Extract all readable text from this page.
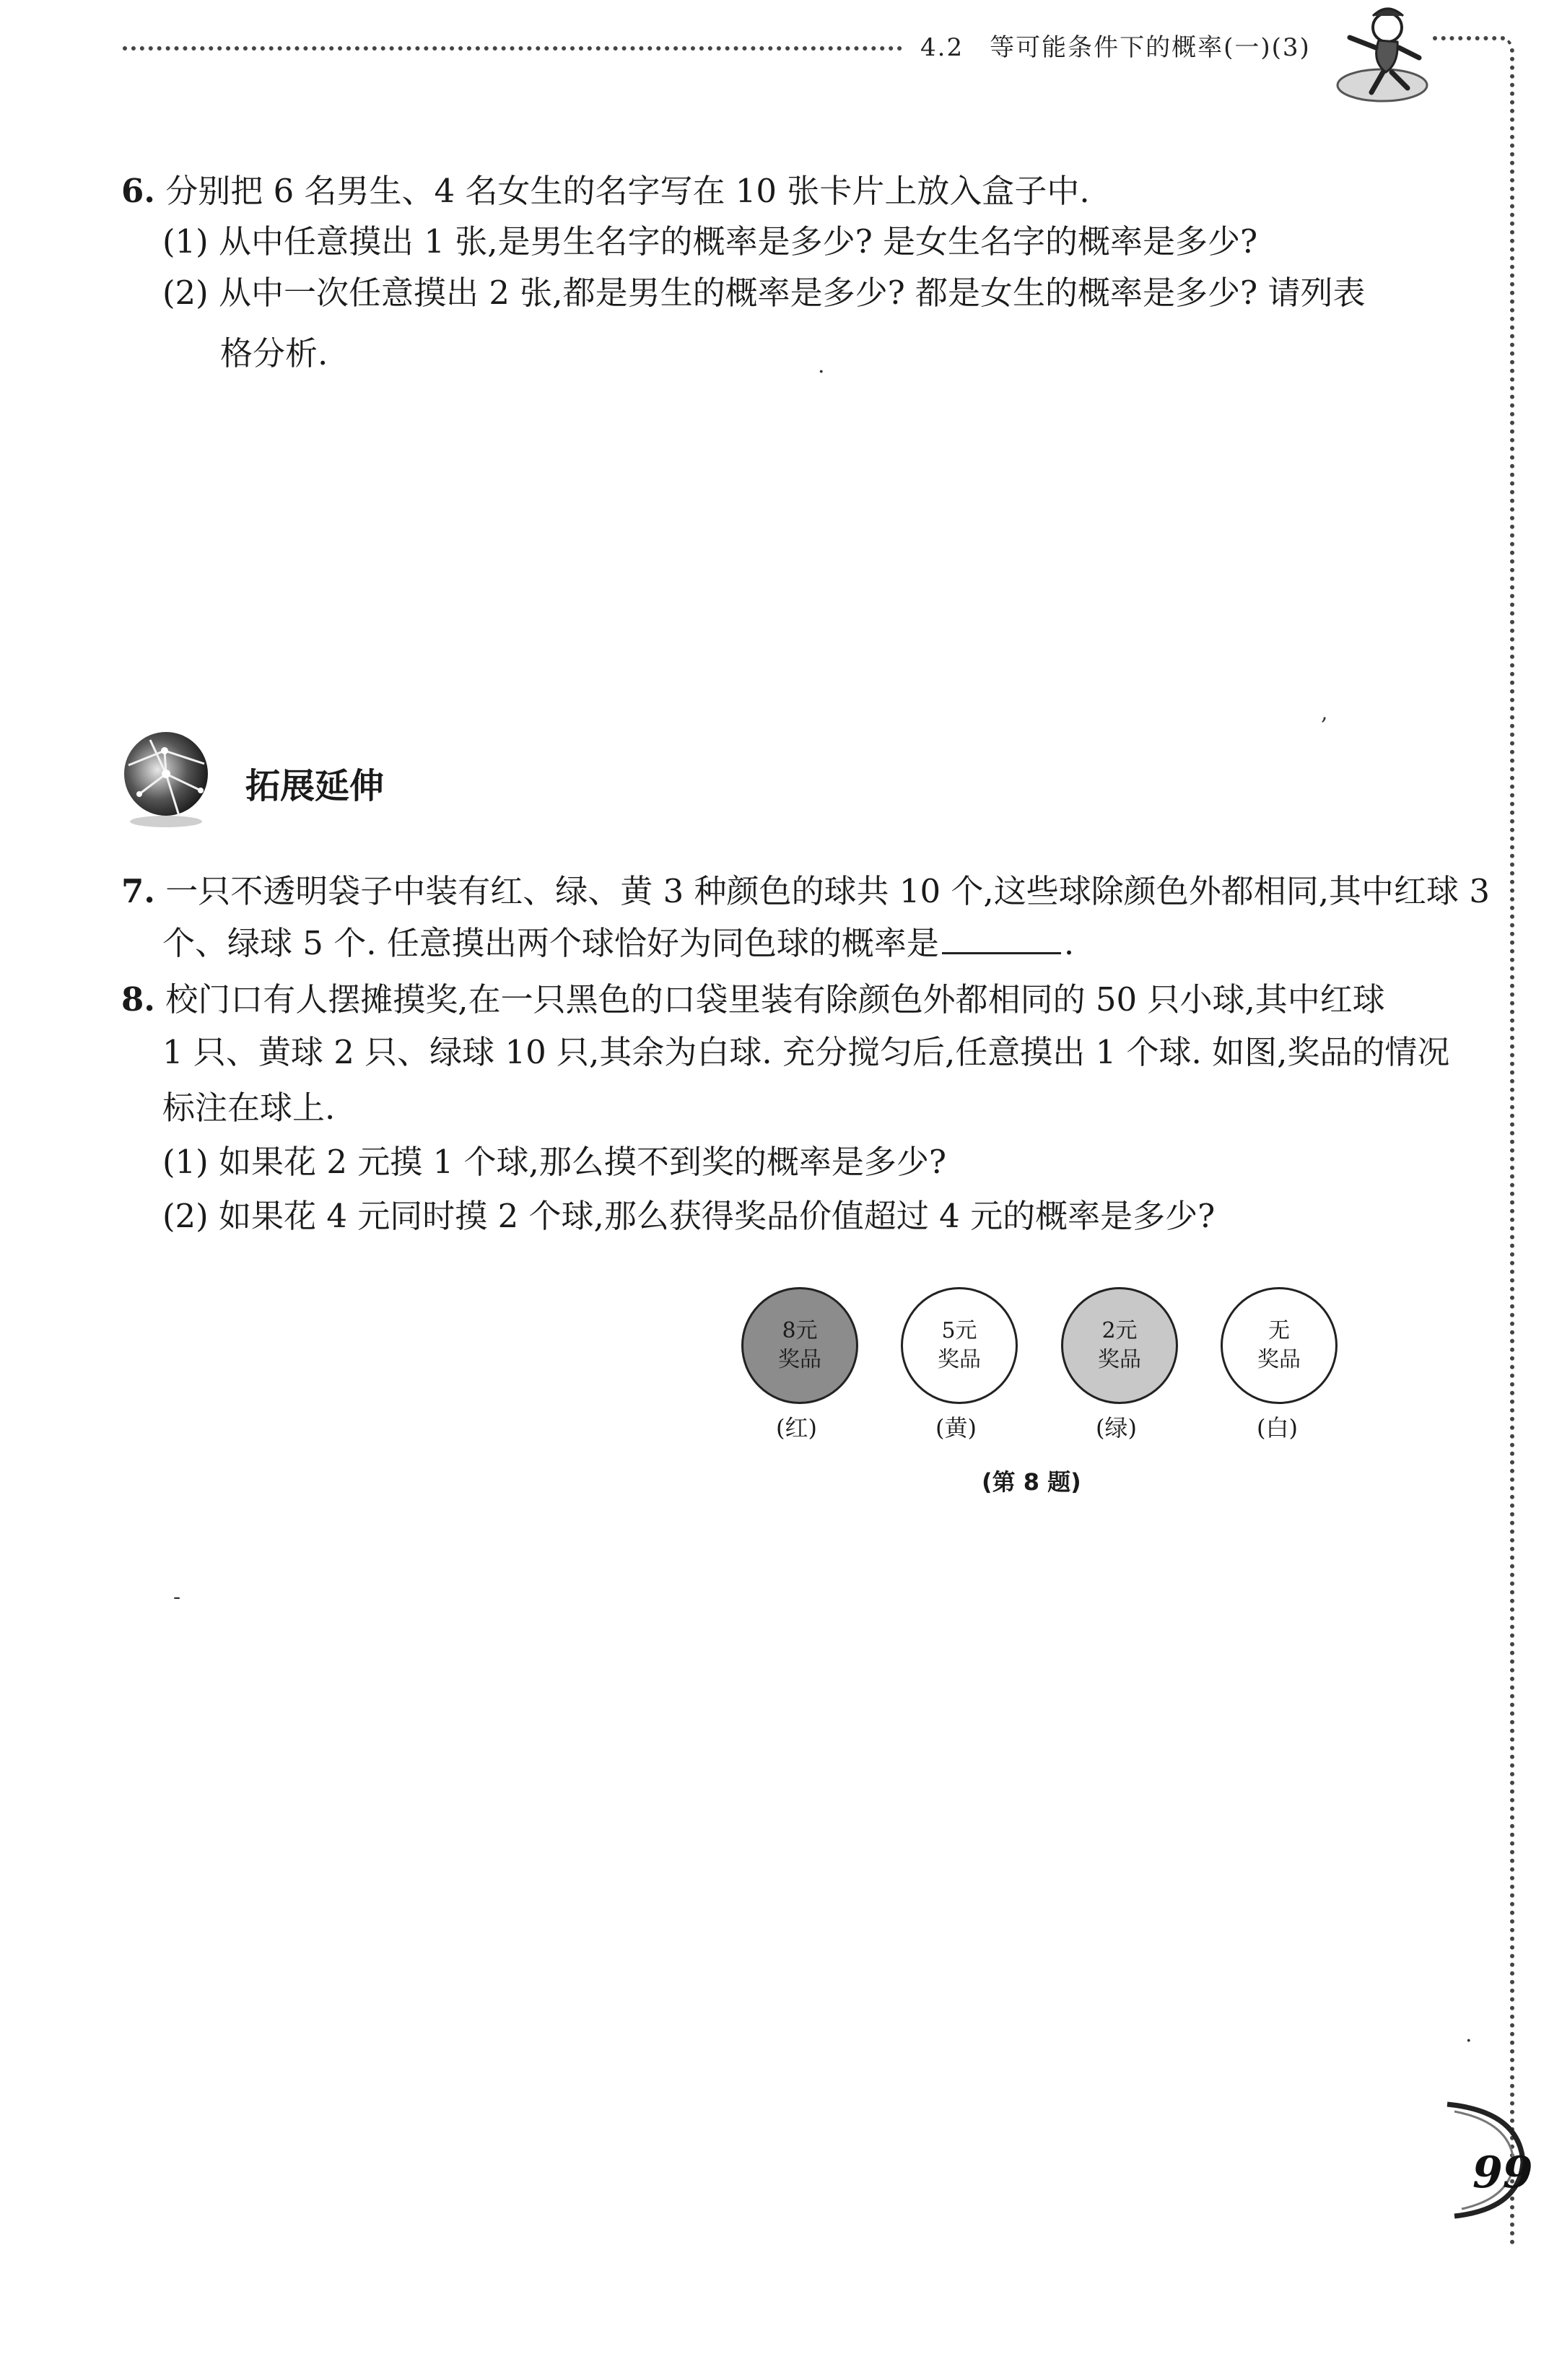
4.2　等可能条件下的概率(一)(3)
6. 分别把 6 名男生、4 名女生的名字写在 10 张卡片上放入盒子中.
(1) 从中任意摸出 1 张,是男生名字的概率是多少? 是女生名字的概率是多少?
(2) 从中一次任意摸出 2 张,都是男生的概率是多少? 都是女生的概率是多少? 请列表
格分析.	·
,
拓展延伸
7. 一只不透明袋子中装有红、绿、黄 3 种颜色的球共 10 个,这些球除颜色外都相同,其中红球 3
个、绿球 5 个. 任意摸出两个球恰好为同色球的概率是	.
8. 校门口有人摆摊摸奖,在一只黑色的口袋里装有除颜色外都相同的 50 只小球,其中红球
1 只、黄球 2 只、绿球 10 只,其余为白球. 充分搅匀后,任意摸出 1 个球. 如图,奖品的情况
标注在球上.
(1) 如果花 2 元摸 1 个球,那么摸不到奖的概率是多少?
(2) 如果花 4 元同时摸 2 个球,那么获得奖品价值超过 4 元的概率是多少?
8元
奖品
5元
奖品
2元
奖品
无
奖品
(红)	(黄)	(绿)	(白)
(第 8 题)
-
·
99
